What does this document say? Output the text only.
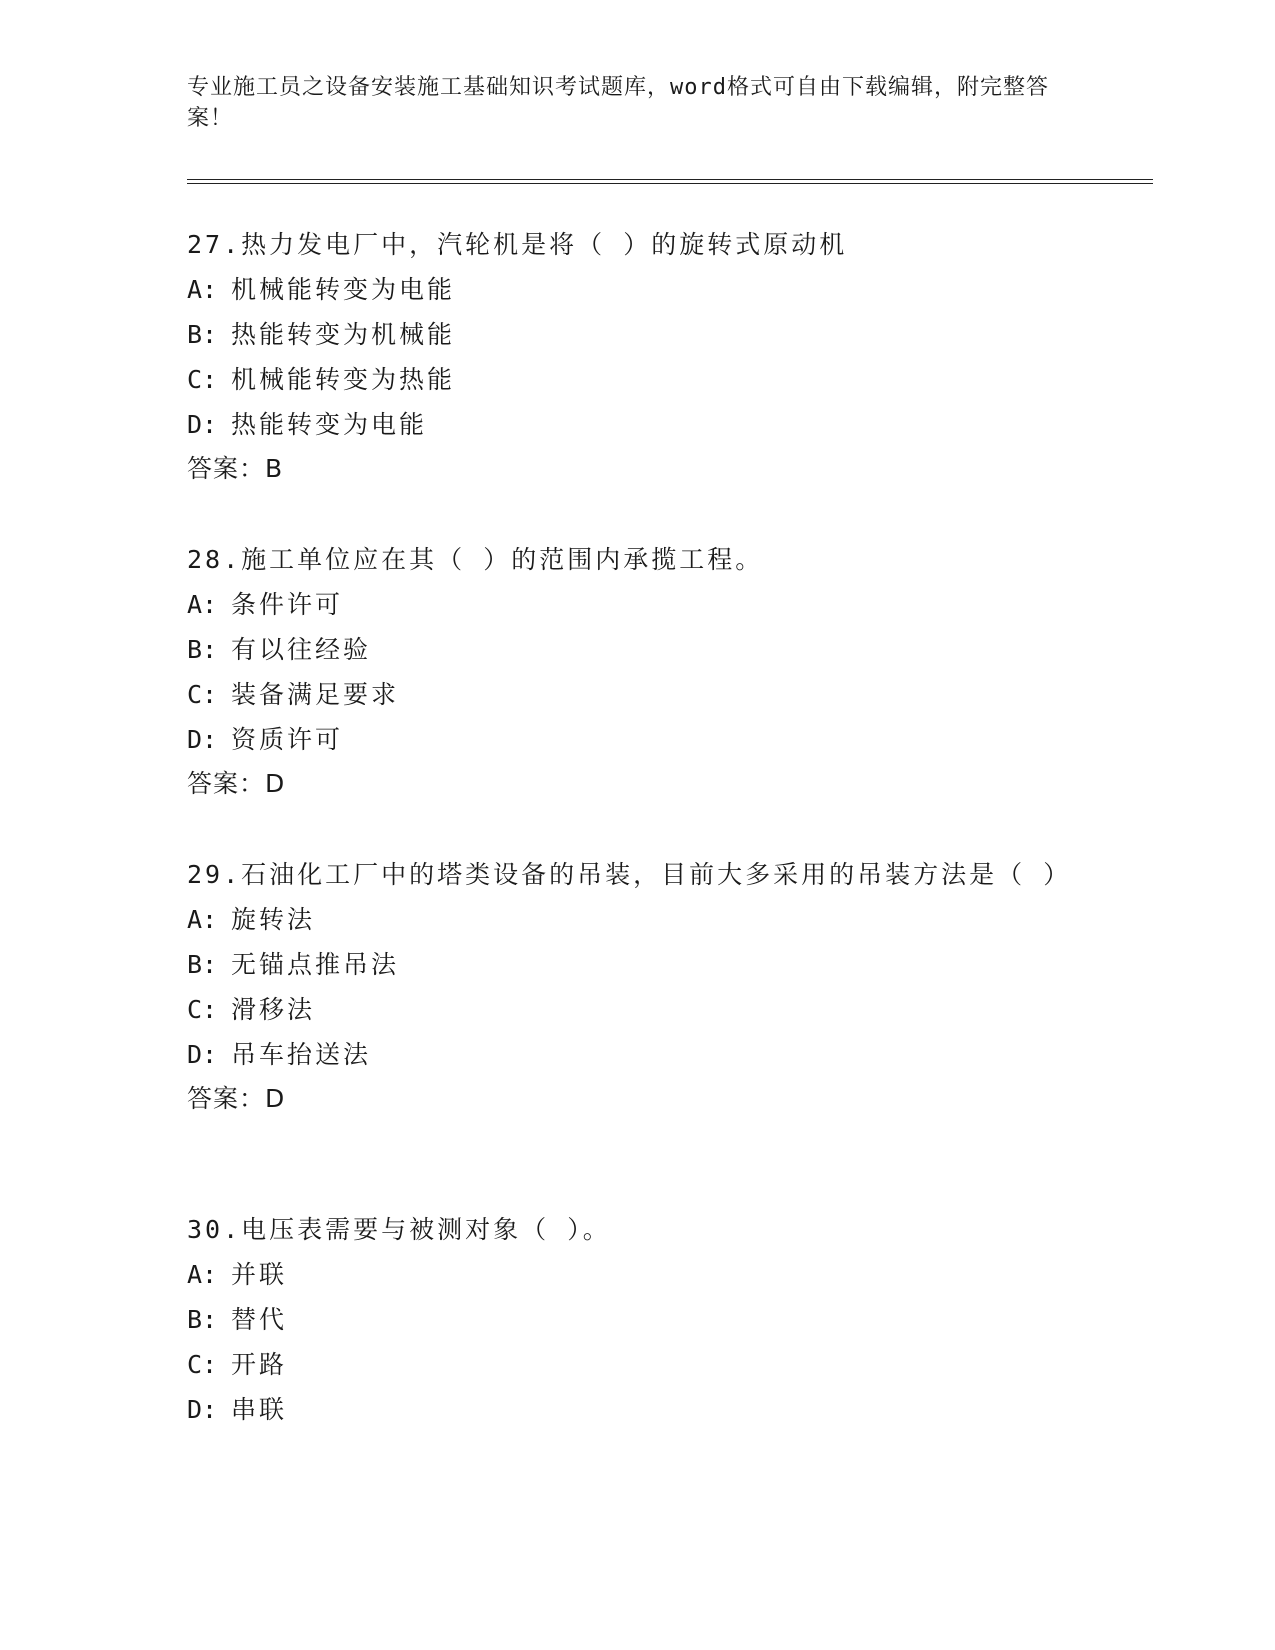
专业施工员之设备安装施工基础知识考试题库，word格式可自由下载编辑，附完整答案！
27.热力发电厂中，汽轮机是将（ ）的旋转式原动机
A: 机械能转变为电能
B: 热能转变为机械能
C: 机械能转变为热能
D: 热能转变为电能
答案：B
28.施工单位应在其（ ）的范围内承揽工程。
A: 条件许可
B: 有以往经验
C: 装备满足要求
D: 资质许可
答案：D
29.石油化工厂中的塔类设备的吊装，目前大多采用的吊装方法是（ ）
A: 旋转法
B: 无锚点推吊法
C: 滑移法
D: 吊车抬送法
答案：D
30.电压表需要与被测对象（ ）。
A: 并联
B: 替代
C: 开路
D: 串联
